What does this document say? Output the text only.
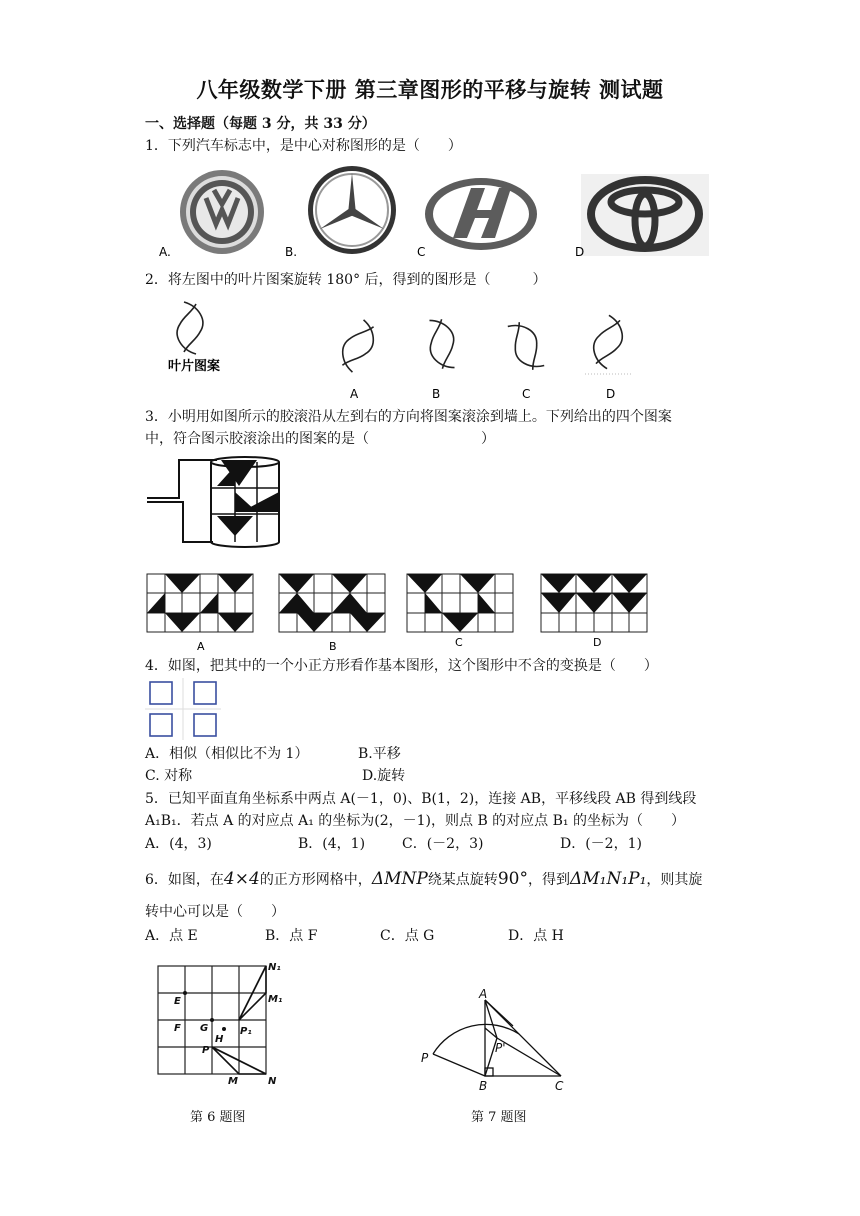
八年级数学下册 第三章图形的平移与旋转 测试题
一、选择题（每题 3 分，共 33 分）
1．下列汽车标志中，是中心对称图形的是（　　）
A.	B.	C	D
2．将左图中的叶片图案旋转 180° 后，得到的图形是（　　　）
叶片图案
A	B	C	D
3．小明用如图所示的胶滚沿从左到右的方向将图案滚涂到墙上。下列给出的四个图案
中，符合图示胶滚涂出的图案的是（　　　　　　　　）
A	B	C	D
4．如图，把其中的一个小正方形看作基本图形，这个图形中不含的变换是（　　）
A．相似（相似比不为 1）	B.平移
C. 对称	D.旋转
5．已知平面直角坐标系中两点 A(－1，0)、B(1，2)，连接 AB，平移线段 AB 得到线段
A₁B₁．若点 A 的对应点 A₁ 的坐标为(2，－1)，则点 B 的对应点 B₁ 的坐标为（　　）
A．(4，3)	B．(4，1)	C．(－2，3)	D．(－2，1)
6．如图，在4×4的正方形网格中，ΔMNP绕某点旋转90°，得到ΔM₁N₁P₁，则其旋
转中心可以是（　　）
A．点 E	B．点 F	C．点 G	D．点 H
N₁
M₁
E
F G
H
P₁
P
M	N
A
P'
P
B	C
第 6 题图	第 7 题图
